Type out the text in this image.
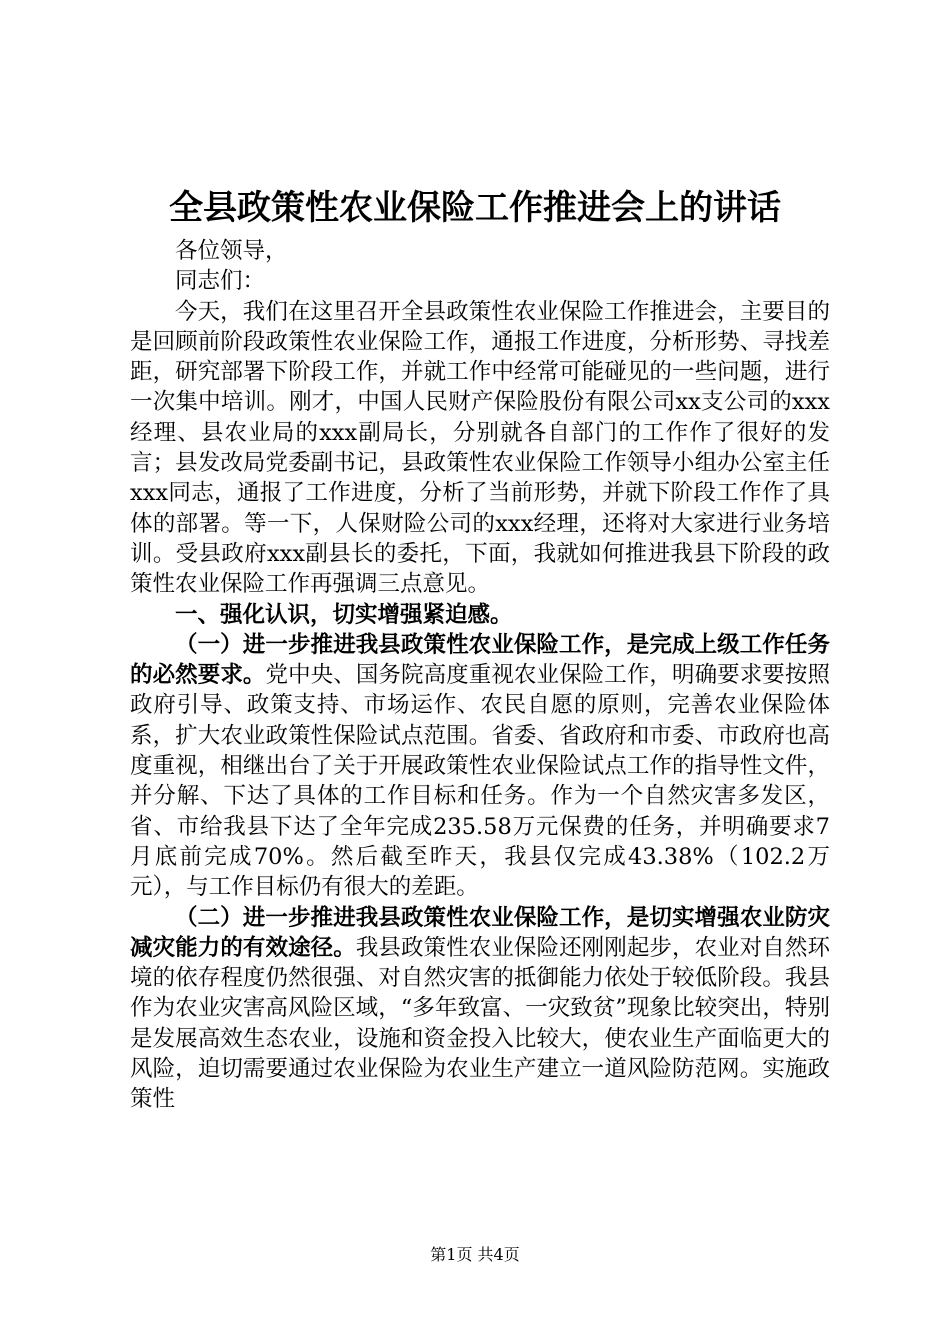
全县政策性农业保险工作推进会上的讲话

各位领导，

同志们：

今天，我们在这里召开全县政策性农业保险工作推进会，主要目的是回顾前阶段政策性农业保险工作，通报工作进度，分析形势、寻找差距，研究部署下阶段工作，并就工作中经常可能碰见的一些问题，进行一次集中培训。刚才，中国人民财产保险股份有限公司xx支公司的xxx经理、县农业局的xxx副局长，分别就各自部门的工作作了很好的发言；县发改局党委副书记，县政策性农业保险工作领导小组办公室主任xxx同志，通报了工作进度，分析了当前形势，并就下阶段工作作了具体的部署。等一下，人保财险公司的xxx经理，还将对大家进行业务培训。受县政府xxx副县长的委托，下面，我就如何推进我县下阶段的政策性农业保险工作再强调三点意见。

一、强化认识，切实增强紧迫感。

（一）进一步推进我县政策性农业保险工作，是完成上级工作任务的必然要求。党中央、国务院高度重视农业保险工作，明确要求要按照政府引导、政策支持、市场运作、农民自愿的原则，完善农业保险体系，扩大农业政策性保险试点范围。省委、省政府和市委、市政府也高度重视，相继出台了关于开展政策性农业保险试点工作的指导性文件，并分解、下达了具体的工作目标和任务。作为一个自然灾害多发区，省、市给我县下达了全年完成235.58万元保费的任务，并明确要求7月底前完成70%。然后截至昨天，我县仅完成43.38%（102.2万元），与工作目标仍有很大的差距。

（二）进一步推进我县政策性农业保险工作，是切实增强农业防灾减灾能力的有效途径。我县政策性农业保险还刚刚起步，农业对自然环境的依存程度仍然很强、对自然灾害的抵御能力依处于较低阶段。我县作为农业灾害高风险区域，“多年致富、一灾致贫”现象比较突出，特别是发展高效生态农业，设施和资金投入比较大，使农业生产面临更大的风险，迫切需要通过农业保险为农业生产建立一道风险防范网。实施政策性

第1页 共4页
